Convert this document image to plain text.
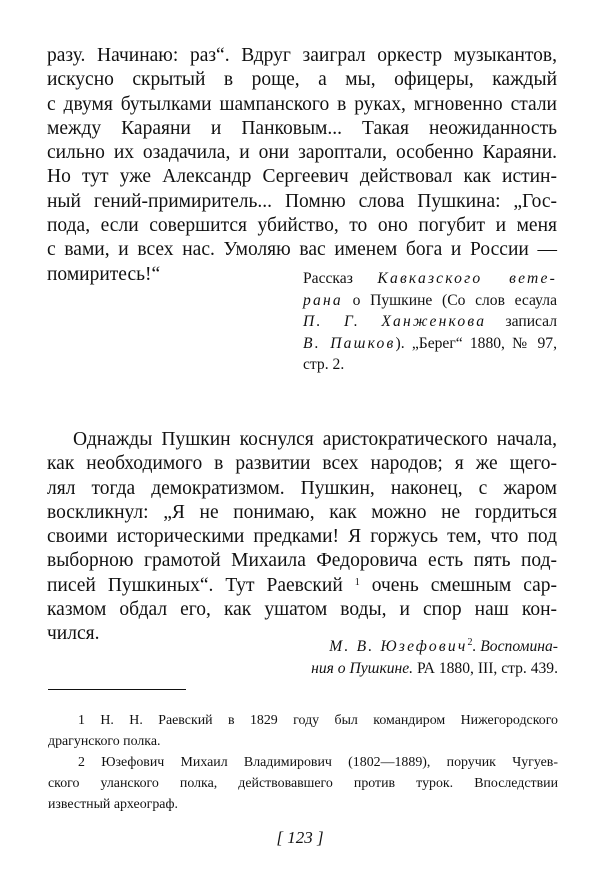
разу. Начинаю: раз“. Вдруг заиграл оркестр музыкантов,
искусно скрытый в роще, а мы, офицеры, каждый
с двумя бутылками шампанского в руках, мгновенно стали
между Караяни и Панковым... Такая неожиданность
сильно их озадачила, и они зароптали, особенно Караяни.
Но тут уже Александр Сергеевич действовал как истин-
ный гений-примиритель... Помню слова Пушкина: „Гос-
пода, если совершится убийство, то оно погубит и меня
с вами, и всех нас. Умоляю вас именем бога и России —
помиритесь!“	Рассказ Кавказского вете-
рана о Пушкине (Со слов есаула
П. Г. Ханженкова записал
В. Пашков). „Берег“ 1880, № 97,
стр. 2.
Однажды Пушкин коснулся аристократического начала,
как необходимого в развитии всех народов; я же щего-
лял тогда демократизмом. Пушкин, наконец, с жаром
воскликнул: „Я не понимаю, как можно не гордиться
своими историческими предками! Я горжусь тем, что под
выборною грамотой Михаила Федоровича есть пять под-
писей Пушкиных“. Тут Раевский $^1$ очень смешным сар-
казмом обдал его, как ушатом воды, и спор наш кон-
чился.
М. В. Юзефович$^2$. Воспомина-
ния о Пушкине. РА 1880, III, стр. 439.
1 Н. Н. Раевский в 1829 году был командиром Нижегородского
драгунского полка.
2 Юзефович Михаил Владимирович (1802—1889), поручик Чугуев-
ского уланского полка, действовавшего против турок. Впоследствии
известный археограф.
[ 123 ]
